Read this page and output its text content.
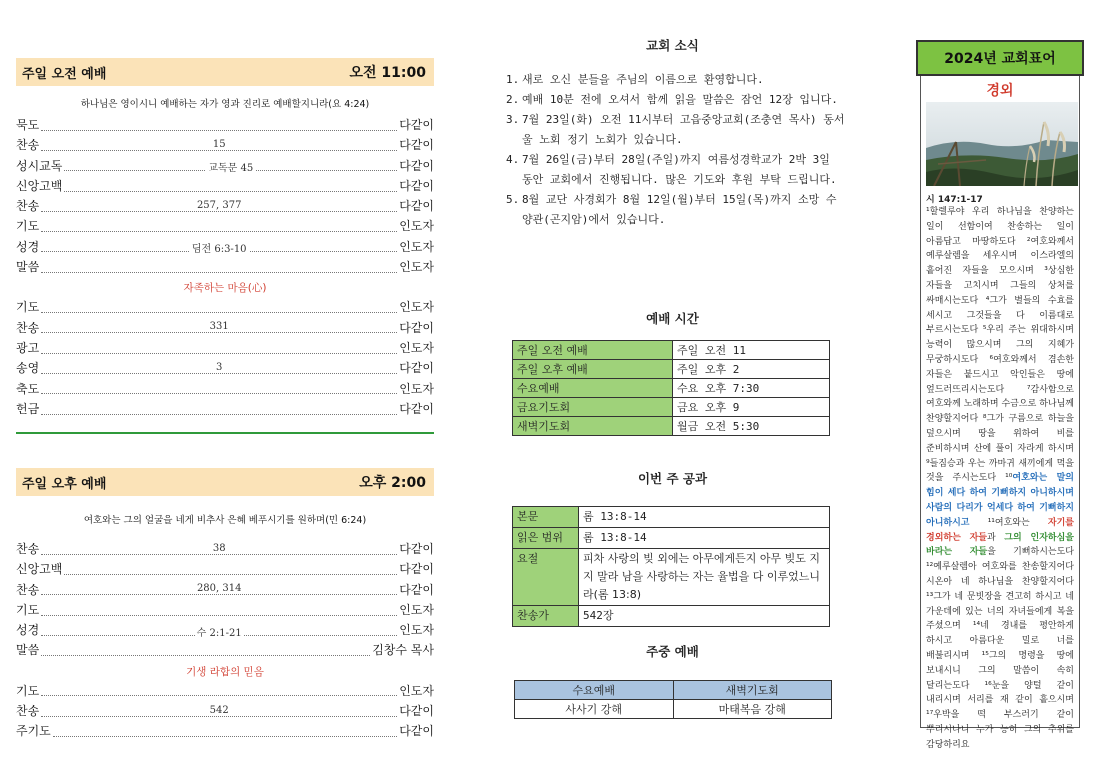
주일 오전 예배	오전 11:00
하나님은 영이시니 예배하는 자가 영과 진리로 예배할지니라(요 4:24)
묵도	다같이
찬송	15	다같이
성시교독	교독문 45	다같이
신앙고백	다같이
찬송	257, 377	다같이
기도	인도자
성경	딤전 6:3-10	인도자
말씀	인도자
자족하는 마음(心)
기도	인도자
찬송	331	다같이
광고	인도자
송영	3	다같이
축도	인도자
헌금	다같이
주일 오후 예배	오후 2:00
여호와는 그의 얼굴을 네게 비추사 은혜 베푸시기를 원하며(민 6:24)
찬송	38	다같이
신앙고백	다같이
찬송	280, 314	다같이
기도	인도자
성경	수 2:1-21	인도자
말씀	김창수 목사
기생 라합의 믿음
기도	인도자
찬송	542	다같이
주기도	다같이
교회 소식
1. 새로 오신 분들을 주님의 이름으로 환영합니다.
2. 예배 10분 전에 오셔서 함께 읽을 말씀은 잠언 12장 입니다.
3. 7월 23일(화) 오전 11시부터 고읍중앙교회(조충연 목사) 동서울 노회 정기 노회가 있습니다.
4. 7월 26일(금)부터 28일(주일)까지 여름성경학교가 2박 3일 동안 교회에서 진행됩니다. 많은 기도와 후원 부탁 드립니다.
5. 8월 교단 사경회가 8월 12일(월)부터 15일(목)까지 소망 수양관(곤지암)에서 있습니다.
예배 시간
주일 오전 예배	주일 오전 11
주일 오후 예배	주일 오후 2
수요예배	수요 오후 7:30
금요기도회	금요 오후 9
새벽기도회	월금 오전 5:30
이번 주 공과
본문	롬 13:8-14
읽은 범위	롬 13:8-14
요절	피차 사랑의 빚 외에는 아무에게든지 아무 빚도 지지 말라 남을 사랑하는 자는 율법을 다 이루었느니라(롬 13:8)
찬송가	542장
주중 예배
수요예배	새벽기도회
사사기 강해	마태복음 강해
2024년 교회표어
경외
시 147:1-17
¹할렐루야 우리 하나님을 찬양하는 일이 선함이여 찬송하는 일이 아름답고 마땅하도다 ²여호와께서 예루살렘을 세우시며 이스라엘의 흩어진 자들을 모으시며 ³상심한 자들을 고치시며 그들의 상처를 싸매시는도다 ⁴그가 별들의 수효를 세시고 그것들을 다 이름대로 부르시는도다 ⁵우리 주는 위대하시며 능력이 많으시며 그의 지혜가 무궁하시도다 ⁶여호와께서 겸손한 자들은 붙드시고 악인들은 땅에 엎드러뜨리시는도다 ⁷감사함으로 여호와께 노래하며 수금으로 하나님께 찬양할지어다 ⁸그가 구름으로 하늘을 덮으시며 땅을 위하여 비를 준비하시며 산에 풀이 자라게 하시며 ⁹들짐승과 우는 까마귀 새끼에게 먹을 것을 주시는도다 ¹⁰여호와는 말의 힘이 세다 하여 기뻐하지 아니하시며 사람의 다리가 억세다 하여 기뻐하지 아니하시고 ¹¹여호와는 자기를 경외하는 자들과 그의 인자하심을 바라는 자들을 기뻐하시는도다 ¹²예루살렘아 여호와를 찬송할지어다 시온아 네 하나님을 찬양할지어다 ¹³그가 네 문빗장을 견고히 하시고 네 가운데에 있는 너의 자녀들에게 복을 주셨으며 ¹⁴네 경내를 평안하게 하시고 아름다운 밀로 너를 배불리시며 ¹⁵그의 명령을 땅에 보내시니 그의 말씀이 속히 달리는도다 ¹⁶눈을 양털 같이 내리시며 서리를 재 같이 흩으시며 ¹⁷우박을 떡 부스러기 같이 뿌리시나니 누가 능히 그의 추위를 감당하리요
